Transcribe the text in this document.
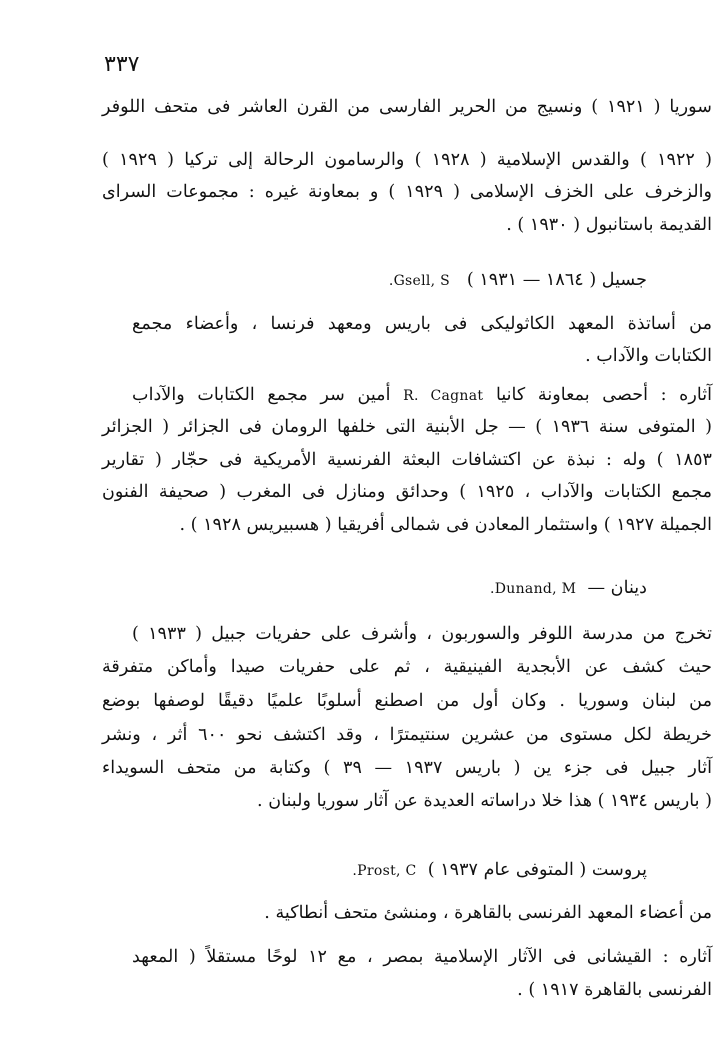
٣٣٧
سوريا ( ١٩٢١ ) ونسيج من الحرير الفارسى من القرن العاشر فى متحف اللوفر
( ١٩٢٢ ) والقدس الإسلامية ( ١٩٢٨ ) والرسامون الرحالة إلى تركيا ( ١٩٢٩ )
والزخرف على الخزف الإسلامى ( ١٩٢٩ ) و بمعاونة غيره : مجموعات السراى
القديمة باستانبول ( ١٩٣٠ ) .
جسيل ( ١٨٦٤ — ١٩٣١ )   Gsell, S.
من أساتذة المعهد الكاثوليكى فى باريس ومعهد فرنسا ، وأعضاء مجمع
الكتابات والآداب .
آثاره : أحصى بمعاونة كانيا R. Cagnat أمين سر مجمع الكتابات والآداب
( المتوفى سنة ١٩٣٦ ) — جل الأبنية التى خلفها الرومان فى الجزائر ( الجزائر
١٨٥٣ ) وله : نبذة عن اكتشافات البعثة الفرنسية الأمريكية فى حجّار ( تقارير
مجمع الكتابات والآداب ، ١٩٢٥ ) وحدائق ومنازل فى المغرب ( صحيفة الفنون
الجميلة ١٩٢٧ ) واستثمار المعادن فى شمالى أفريقيا ( هسبيريس ١٩٢٨ ) .
دينان —  Dunand, M.
تخرج من مدرسة اللوفر والسوربون ، وأشرف على حفريات جبيل ( ١٩٣٣ )
حيث كشف عن الأبجدية الفينيقية ، ثم على حفريات صيدا وأماكن متفرقة
من لبنان وسوريا . وكان أول من اصطنع أسلوبًا علميًا دقيقًا لوصفها بوضع
خريطة لكل مستوى من عشرين سنتيمترًا ، وقد اكتشف نحو ٦٠٠ أثر ، ونشر
آثار جبيل فى جزء ين ( باريس ١٩٣٧ — ٣٩ ) وكتابة من متحف السويداء
( باريس ١٩٣٤ ) هذا خلا دراساته العديدة عن آثار سوريا ولبنان .
پروست ( المتوفى عام ١٩٣٧ )  Prost, C.
من أعضاء المعهد الفرنسى بالقاهرة ، ومنشئ متحف أنطاكية .
آثاره : القيشانى فى الآثار الإسلامية بمصر ، مع ١٢ لوحًا مستقلاً ( المعهد
الفرنسى بالقاهرة ١٩١٧ ) .
